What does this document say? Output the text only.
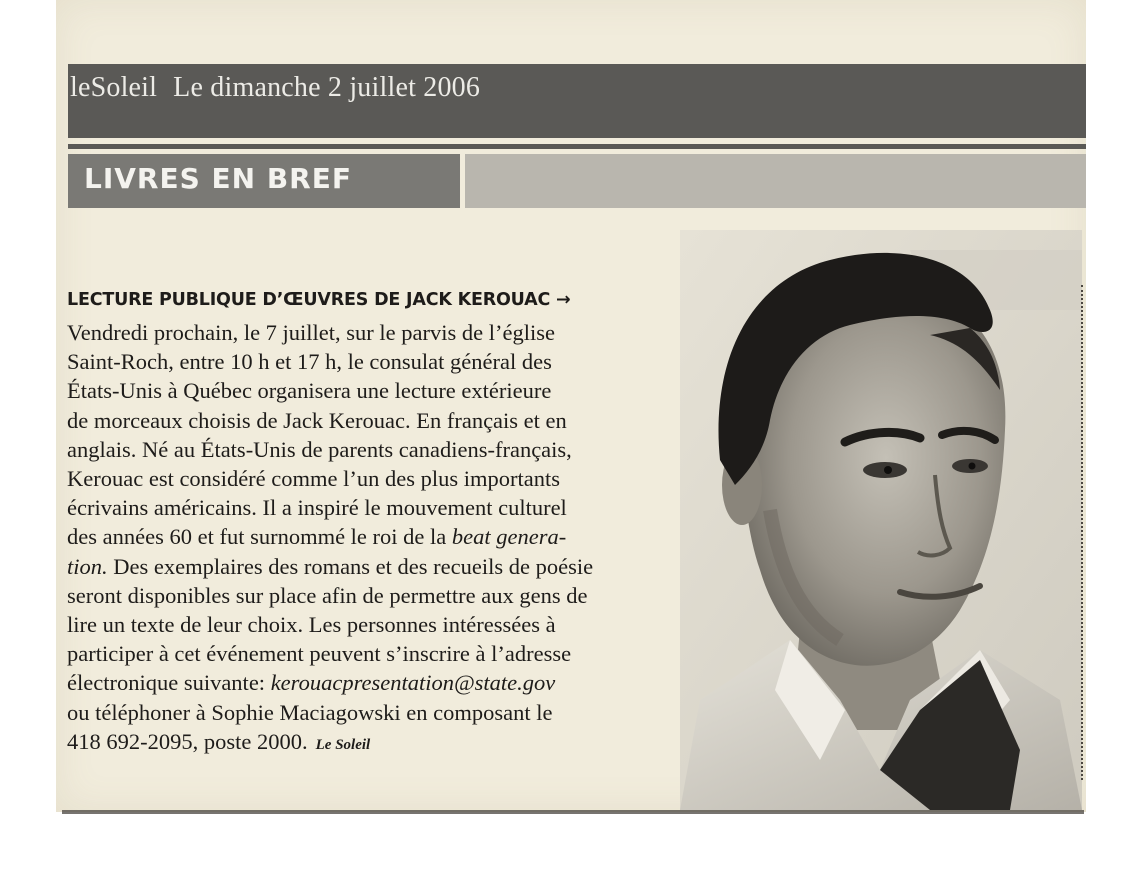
leSoleil Le dimanche 2 juillet 2006
LIVRES EN BREF
LECTURE PUBLIQUE D’ŒUVRES DE JACK KEROUAC →
Vendredi prochain, le 7 juillet, sur le parvis de l’église
Saint-Roch, entre 10 h et 17 h, le consulat général des
États-Unis à Québec organisera une lecture extérieure
de morceaux choisis de Jack Kerouac. En français et en
anglais. Né au États-Unis de parents canadiens-français,
Kerouac est considéré comme l’un des plus importants
écrivains américains. Il a inspiré le mouvement culturel
des années 60 et fut surnommé le roi de la beat genera-
tion. Des exemplaires des romans et des recueils de poésie
seront disponibles sur place afin de permettre aux gens de
lire un texte de leur choix. Les personnes intéressées à
participer à cet événement peuvent s’inscrire à l’adresse
électronique suivante: kerouacpresentation@state.gov
ou téléphoner à Sophie Maciagowski en composant le
418 692-2095, poste 2000. Le Soleil
